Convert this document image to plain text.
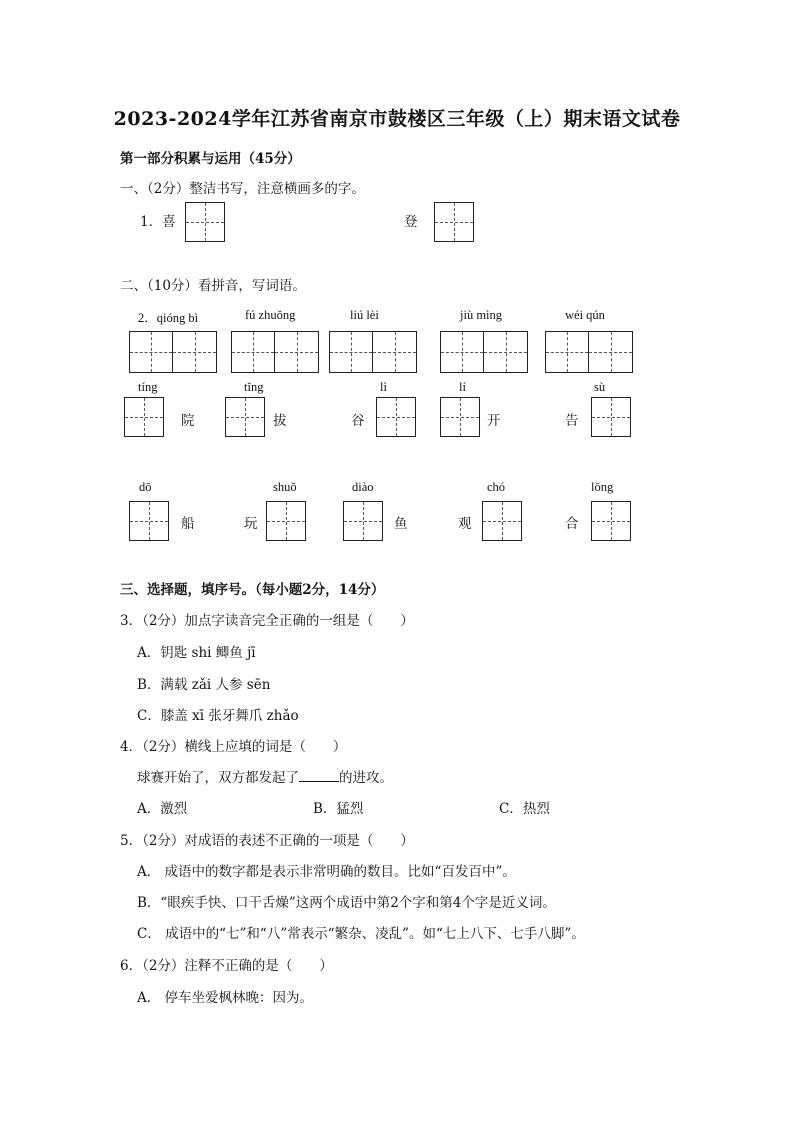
2023-2024学年江苏省南京市鼓楼区三年级（上）期末语文试卷
第一部分积累与运用（45分）
一、（2分）整洁书写，注意横画多的字。
1．喜	登
二、（10分）看拼音，写词语。
2．qióng bì	fú zhuǒng	liú lèi	jiù mìng	wéi qún
tíng	tǐng	lì	lí	sù
院	拔	谷	开	告
dō	shuǒ	diào	chó	lǒng
船	玩	鱼	观	合
三、选择题，填序号。（每小题2分，14分）
3．（2分）加点字读音完全正确的一组是（　　）
A．钥匙 shi 鲫鱼 jī
B．满载 zǎi 人参 sēn
C．膝盖 xī 张牙舞爪 zhǎo
4．（2分）横线上应填的词是（　　）
球赛开始了，双方都发起了	的进攻。
A．激烈	B．猛烈	C．热烈
5．（2分）对成语的表述不正确的一项是（　　）
A． 成语中的数字都是表示非常明确的数目。比如“百发百中”。
B．“眼疾手快、口干舌燥”这两个成语中第2个字和第4个字是近义词。
C． 成语中的“七”和“八”常表示“繁杂、凌乱”。如“七上八下、七手八脚”。
6．（2分）注释不正确的是（　　）
A． 停车坐爱枫林晚：因为。
